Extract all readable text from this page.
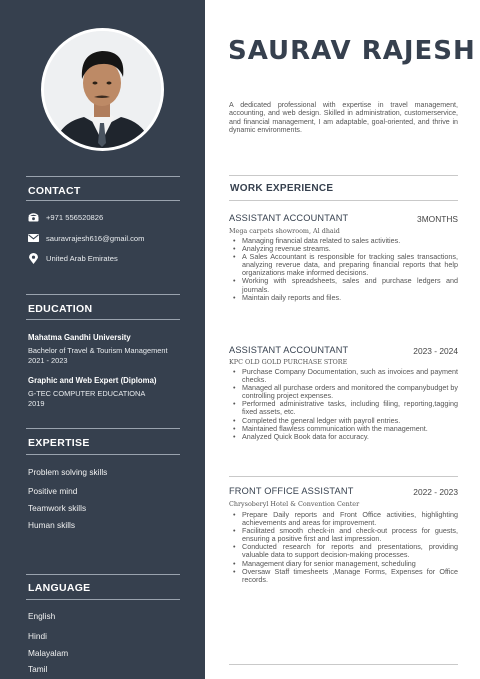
CONTACT
+971 556520826
sauravrajesh616@gmail.com
United Arab Emirates
EDUCATION
Mahatma Gandhi University
Bachelor of Travel & Tourism Management
2021 - 2023
Graphic and Web Expert (Diploma)
G-TEC COMPUTER EDUCATIONA
2019
EXPERTISE
Problem solving skills
Positive mind
Teamwork skills
Human skills
LANGUAGE
English
Hindi
Malayalam
Tamil
SAURAV RAJESH
A dedicated professional with expertise in travel management, accounting, and web design. Skilled in administration, customerservice, and financial management, I am adaptable, goal-oriented, and thrive in dynamic environments.
WORK EXPERIENCE
ASSISTANT ACCOUNTANT	3MONTHS
Mega carpets showroom, Al dhaid
• Managing financial data related to sales activities.
• Analyzing revenue streams.
• A Sales Accountant is responsible for tracking sales transactions, analyzing reverue data, and preparing financial reports that help organizations make informed decisions.
• Working with spreadsheets, sales and purchase ledgers and journals.
• Maintain daily reports and files.
ASSISTANT ACCOUNTANT	2023 - 2024
KPC OLD GOLD PURCHASE STORE
• Purchase Company Documentation, such as invoices and payment checks.
• Managed all purchase orders and monitored the companybudget by controlling project expenses.
• Performed administrative tasks, including filing, reporting,tagging fixed assets, etc.
• Completed the general ledger with payroll entries.
• Maintained flawless communication with the management.
• Analyzed Quick Book data for accuracy.
FRONT OFFICE ASSISTANT	2022 - 2023
Chrysoberyl Hotel & Convention Center
• Prepare Daily reports and Front Office activities, highlighting achievements and areas for improvement.
• Facilitated smooth check-in and check-out process for guests, ensuring a positive first and last impression.
• Conducted research for reports and presentations, providing valuable data to support decision-making processes.
• Management diary for senior management, scheduling
• Oversaw Staff timesheets ,Manage Forms, Expenses for Office records.
